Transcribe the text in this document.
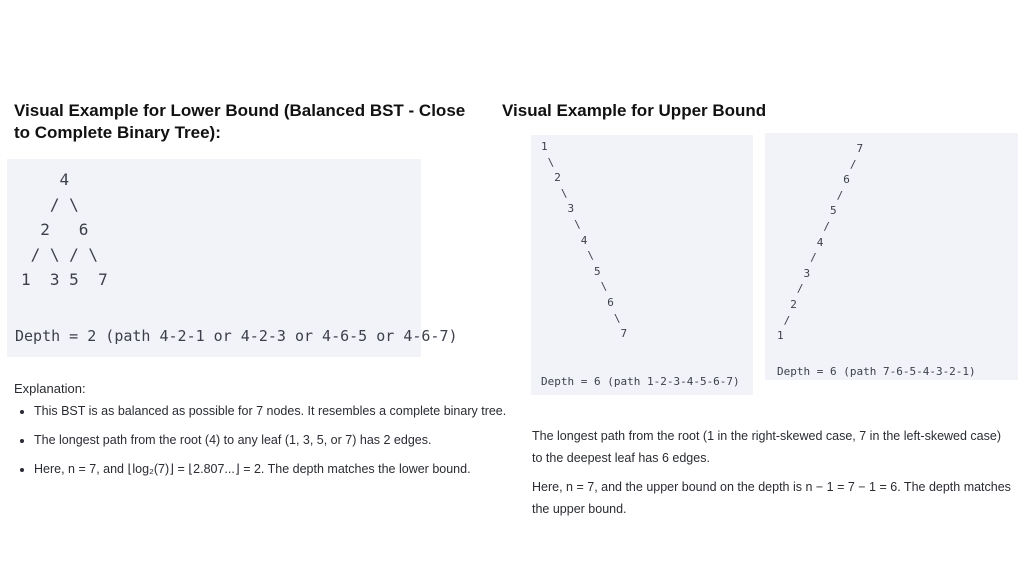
Visual Example for Lower Bound (Balanced BST - Close to Complete Binary Tree):
Visual Example for Upper Bound
4
/ \
2   6
/ \ / \
1  3 5  7
Depth = 2 (path 4-2-1 or 4-2-3 or 4-6-5 or 4-6-7)
1
\
2
\
3
\
4
\
5
\
6
\
7
Depth = 6 (path 1-2-3-4-5-6-7)
7
/
6
/
5
/
4
/
3
/
2
/
1
Depth = 6 (path 7-6-5-4-3-2-1)
Explanation:
• This BST is as balanced as possible for 7 nodes. It resembles a complete binary tree.
• The longest path from the root (4) to any leaf (1, 3, 5, or 7) has 2 edges.
• Here, n = 7, and ⌊log₂(7)⌋ = ⌊2.807...⌋ = 2. The depth matches the lower bound.
The longest path from the root (1 in the right-skewed case, 7 in the left-skewed case) to the deepest leaf has 6 edges.
Here, n = 7, and the upper bound on the depth is n − 1 = 7 − 1 = 6. The depth matches the upper bound.
